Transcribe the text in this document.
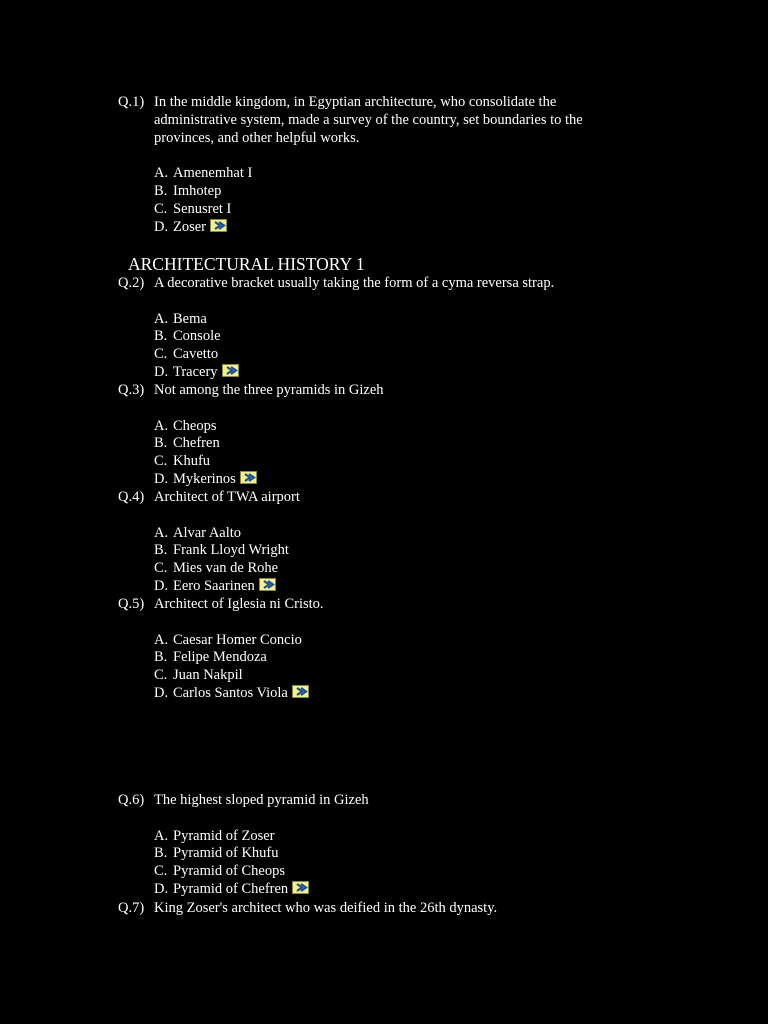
Q.1) In the middle kingdom, in Egyptian architecture, who consolidate the administrative system, made a survey of the country, set boundaries to the provinces, and other helpful works.
A. Amenemhat I
B. Imhotep
C. Senusret I
D. Zoser
ARCHITECTURAL HISTORY 1
Q.2) A decorative bracket usually taking the form of a cyma reversa strap.
A. Bema
B. Console
C. Cavetto
D. Tracery
Q.3) Not among the three pyramids in Gizeh
A. Cheops
B. Chefren
C. Khufu
D. Mykerinos
Q.4) Architect of TWA airport
A. Alvar Aalto
B. Frank Lloyd Wright
C. Mies van de Rohe
D. Eero Saarinen
Q.5) Architect of Iglesia ni Cristo.
A. Caesar Homer Concio
B. Felipe Mendoza
C. Juan Nakpil
D. Carlos Santos Viola
Q.6) The highest sloped pyramid in Gizeh
A. Pyramid of Zoser
B. Pyramid of Khufu
C. Pyramid of Cheops
D. Pyramid of Chefren
Q.7) King Zoser's architect who was deified in the 26th dynasty.
